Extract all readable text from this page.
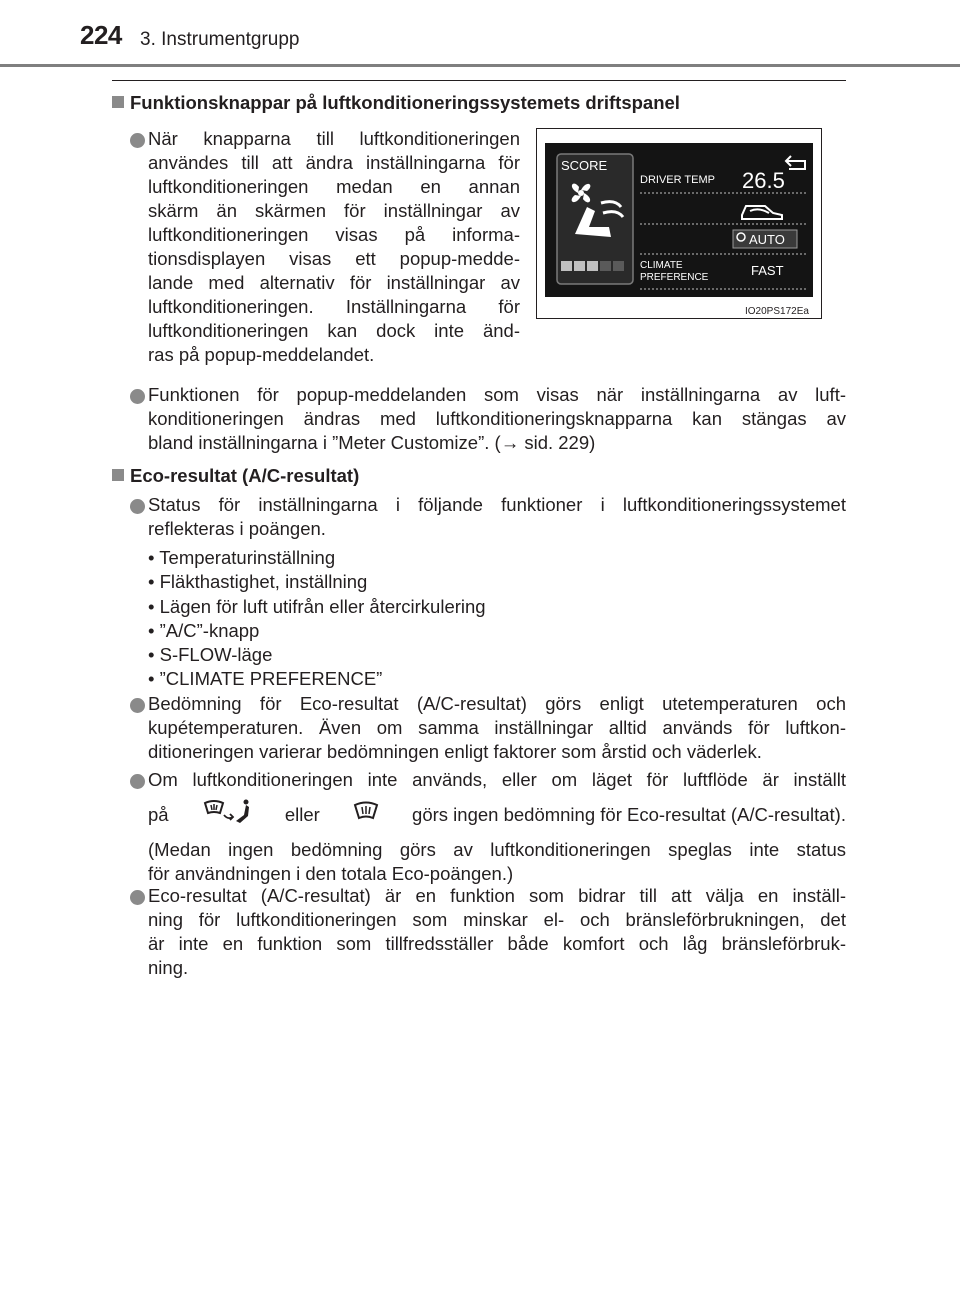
224 3. Instrumentgrupp
Funktionsknappar på luftkonditioneringssystemets driftspanel
När knapparna till luftkonditioneringen
användes till att ändra inställningarna för
luftkonditioneringen medan en annan
skärm än skärmen för inställningar av
luftkonditioneringen visas på informa-
tionsdisplayen visas ett popup-medde-
lande med alternativ för inställningar av
luftkonditioneringen. Inställningarna för
luftkonditioneringen kan dock inte änd-
ras på popup-meddelandet.
SCORE
DRIVER TEMP 26.5
AUTO
CLIMATE
PREFERENCE	FAST
IO20PS172Ea
Funktionen för popup-meddelanden som visas när inställningarna av luft-
konditioneringen ändras med luftkonditioneringsknapparna kan stängas av
bland inställningarna i ”Meter Customize”. (→ sid. 229)
Eco-resultat (A/C-resultat)
Status för inställningarna i följande funktioner i luftkonditioneringssystemet
reflekteras i poängen.
• Temperaturinställning
• Fläkthastighet, inställning
• Lägen för luft utifrån eller återcirkulering
• ”A/C”-knapp
• S-FLOW-läge
• ”CLIMATE PREFERENCE”
Bedömning för Eco-resultat (A/C-resultat) görs enligt utetemperaturen och
kupétemperaturen. Även om samma inställningar alltid används för luftkon-
ditioneringen varierar bedömningen enligt faktorer som årstid och väderlek.
Om luftkonditioneringen inte används, eller om läget för luftflöde är inställt
på	eller	görs ingen bedömning för Eco-resultat (A/C-resultat).
(Medan ingen bedömning görs av luftkonditioneringen speglas inte status
för användningen i den totala Eco-poängen.)
Eco-resultat (A/C-resultat) är en funktion som bidrar till att välja en inställ-
ning för luftkonditioneringen som minskar el- och bränsleförbrukningen, det
är inte en funktion som tillfredsställer både komfort och låg bränsleförbruk-
ning.
